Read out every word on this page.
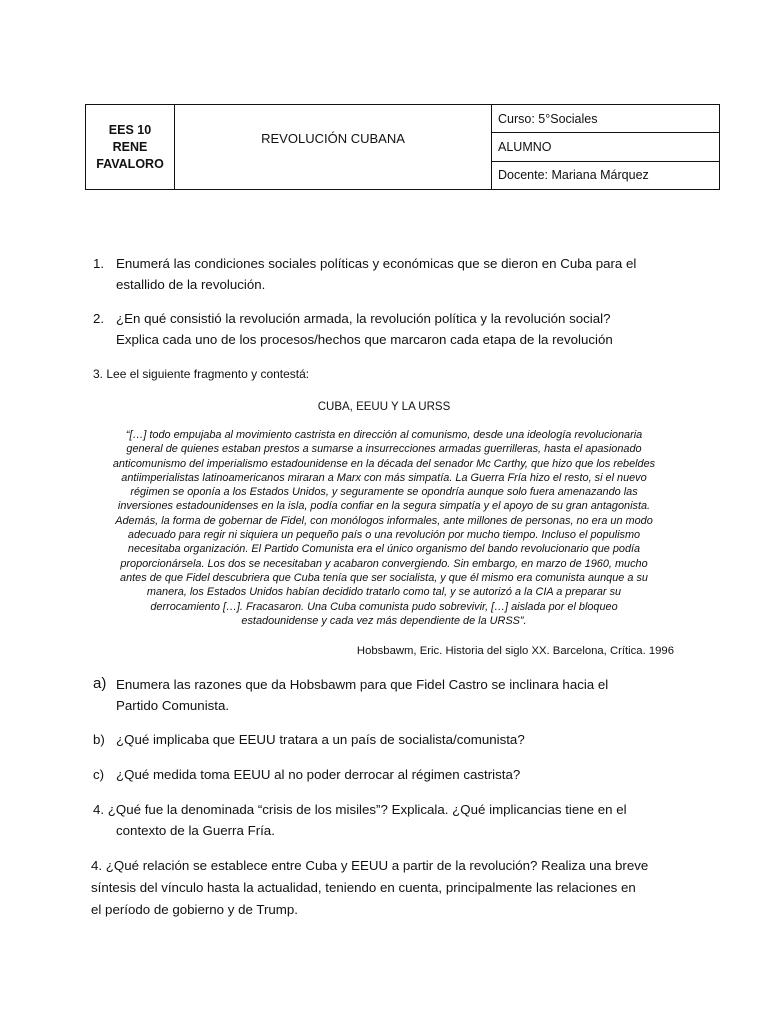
EES 10
RENE
FAVALORO
REVOLUCIÓN CUBANA
Curso: 5°Sociales
ALUMNO
Docente: Mariana Márquez
1. Enumerá las condiciones sociales políticas y económicas que se dieron en Cuba para el
estallido de la revolución.
2. ¿En qué consistió la revolución armada, la revolución política y la revolución social?
Explica cada uno de los procesos/hechos que marcaron cada etapa de la revolución
3. Lee el siguiente fragmento y contestá:
CUBA, EEUU Y LA URSS
“[…] todo empujaba al movimiento castrista en dirección al comunismo, desde una ideología revolucionaria
general de quienes estaban prestos a sumarse a insurrecciones armadas guerrilleras, hasta el apasionado
anticomunismo del imperialismo estadounidense en la década del senador Mc Carthy, que hizo que los rebeldes
antiimperialistas latinoamericanos miraran a Marx con más simpatía. La Guerra Fría hizo el resto, si el nuevo
régimen se oponía a los Estados Unidos, y seguramente se opondría aunque solo fuera amenazando las
inversiones estadounidenses en la isla, podía confiar en la segura simpatía y el apoyo de su gran antagonista.
Además, la forma de gobernar de Fidel, con monólogos informales, ante millones de personas, no era un modo
adecuado para regir ni siquiera un pequeño país o una revolución por mucho tiempo. Incluso el populismo
necesitaba organización. El Partido Comunista era el único organismo del bando revolucionario que podía
proporcionársela. Los dos se necesitaban y acabaron convergiendo. Sin embargo, en marzo de 1960, mucho
antes de que Fidel descubriera que Cuba tenía que ser socialista, y que él mismo era comunista aunque a su
manera, los Estados Unidos habían decidido tratarlo como tal, y se autorizó a la CIA a preparar su
derrocamiento […]. Fracasaron. Una Cuba comunista pudo sobrevivir, […] aislada por el bloqueo
estadounidense y cada vez más dependiente de la URSS”.
Hobsbawm, Eric. Historia del siglo XX. Barcelona, Crítica. 1996
a) Enumera las razones que da Hobsbawm para que Fidel Castro se inclinara hacia el
Partido Comunista.
b) ¿Qué implicaba que EEUU tratara a un país de socialista/comunista?
c) ¿Qué medida toma EEUU al no poder derrocar al régimen castrista?
4. ¿Qué fue la denominada “crisis de los misiles”? Explicala. ¿Qué implicancias tiene en el
contexto de la Guerra Fría.
4. ¿Qué relación se establece entre Cuba y EEUU a partir de la revolución? Realiza una breve
síntesis del vínculo hasta la actualidad, teniendo en cuenta, principalmente las relaciones en
el período de gobierno y de Trump.
